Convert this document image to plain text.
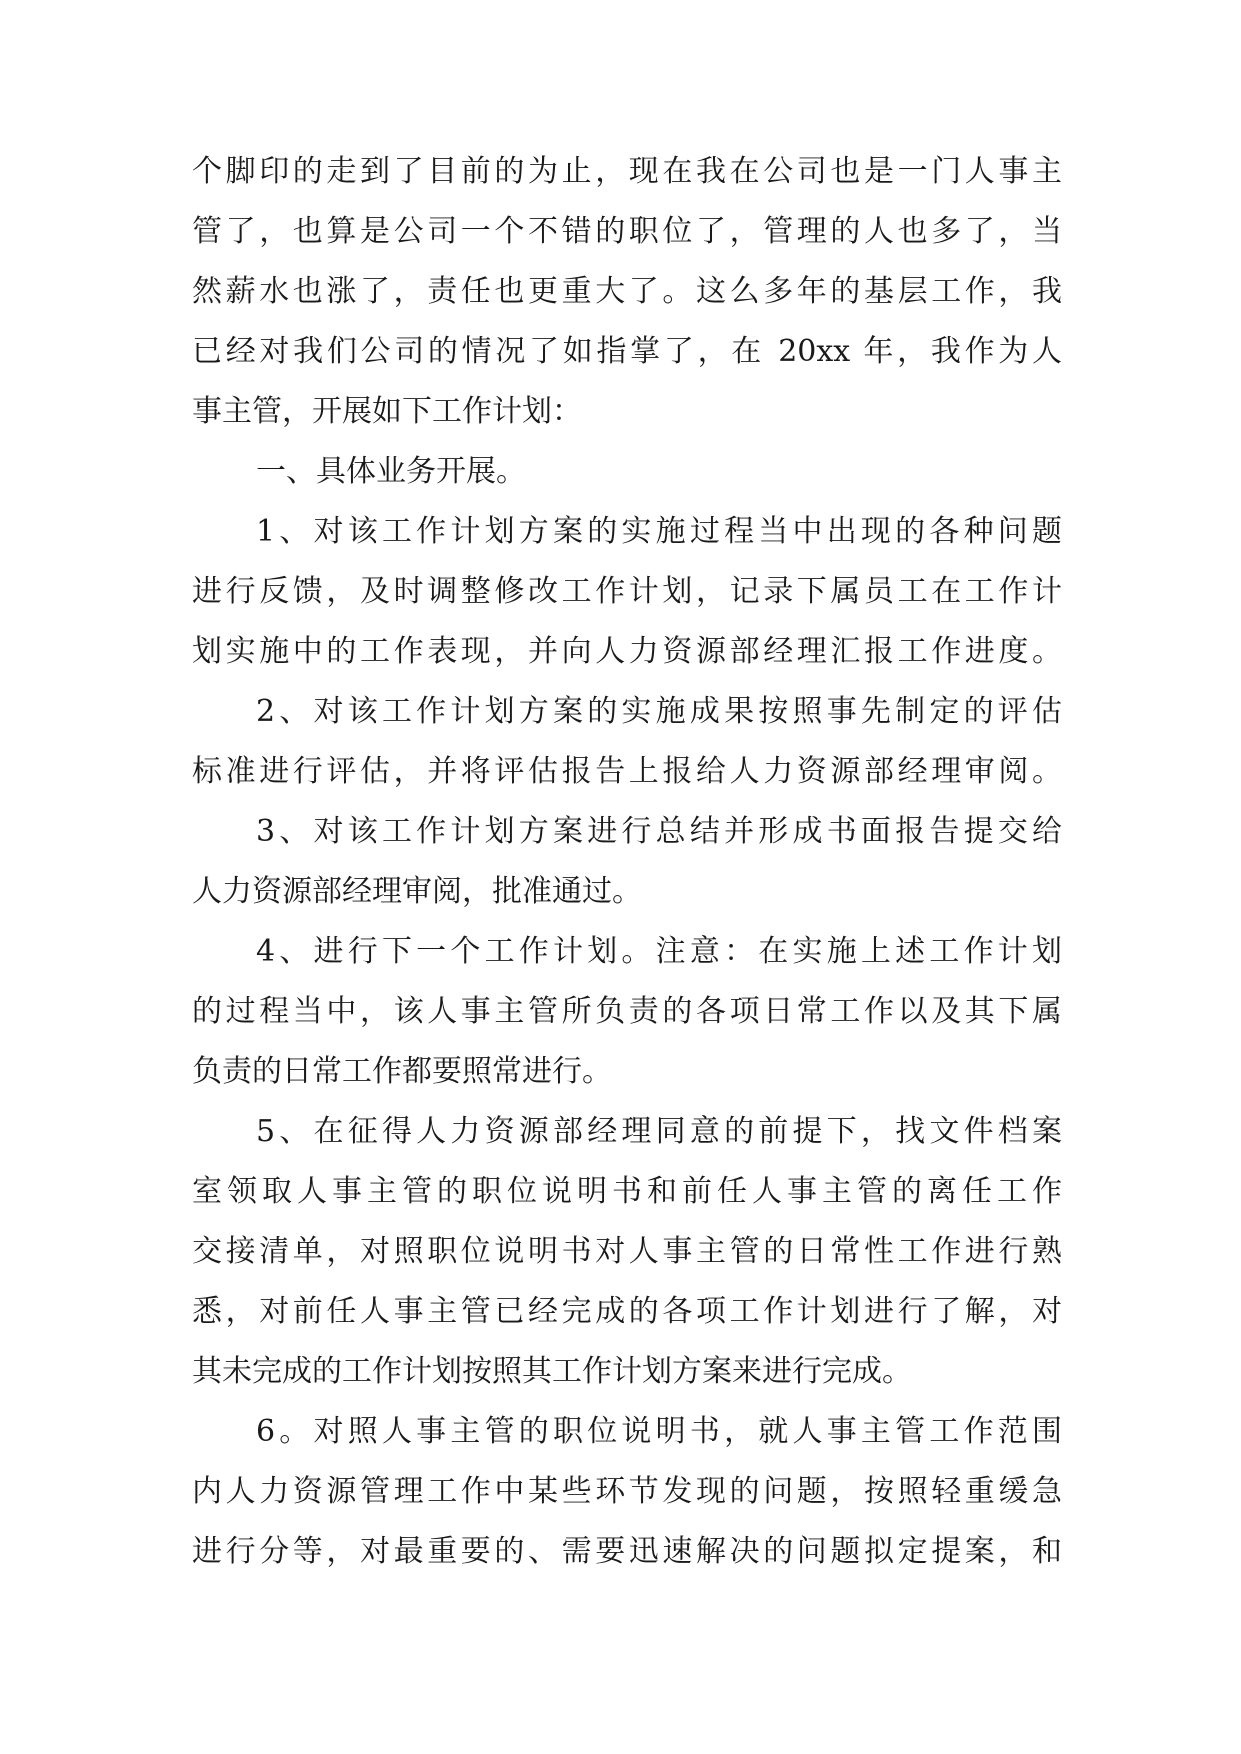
个脚印的走到了目前的为止，现在我在公司也是一门人事主
管了，也算是公司一个不错的职位了，管理的人也多了，当
然薪水也涨了，责任也更重大了。这么多年的基层工作，我
已经对我们公司的情况了如指掌了，在 20xx 年，我作为人
事主管，开展如下工作计划：
一、具体业务开展。
1、对该工作计划方案的实施过程当中出现的各种问题
进行反馈，及时调整修改工作计划，记录下属员工在工作计
划实施中的工作表现，并向人力资源部经理汇报工作进度。
2、对该工作计划方案的实施成果按照事先制定的评估
标准进行评估，并将评估报告上报给人力资源部经理审阅。
3、对该工作计划方案进行总结并形成书面报告提交给
人力资源部经理审阅，批准通过。
4、进行下一个工作计划。注意：在实施上述工作计划
的过程当中，该人事主管所负责的各项日常工作以及其下属
负责的日常工作都要照常进行。
5、在征得人力资源部经理同意的前提下，找文件档案
室领取人事主管的职位说明书和前任人事主管的离任工作
交接清单，对照职位说明书对人事主管的日常性工作进行熟
悉，对前任人事主管已经完成的各项工作计划进行了解，对
其未完成的工作计划按照其工作计划方案来进行完成。
6。对照人事主管的职位说明书，就人事主管工作范围
内人力资源管理工作中某些环节发现的问题，按照轻重缓急
进行分等，对最重要的、需要迅速解决的问题拟定提案，和
